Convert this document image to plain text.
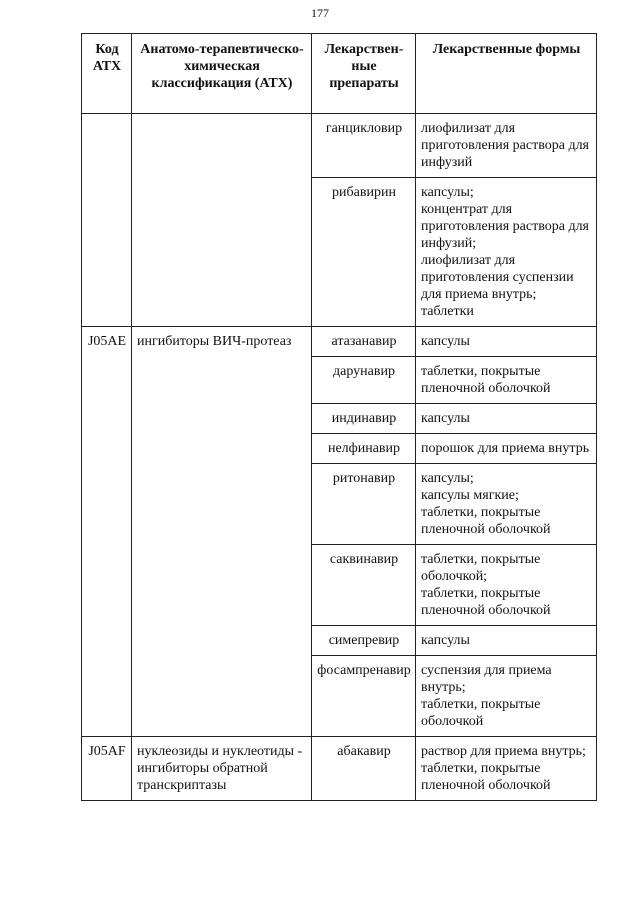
177
Код АТХ	Анатомо-терапевтическо-химическая классификация (АТХ)	Лекарствен-ные препараты	Лекарственные формы
		ганцикловир	лиофилизат для приготовления раствора для инфузий
		рибавирин	капсулы;
концентрат для приготовления раствора для инфузий;
лиофилизат для приготовления суспензии для приема внутрь;
таблетки
J05AE	ингибиторы ВИЧ-протеаз	атазанавир	капсулы
		дарунавир	таблетки, покрытые пленочной оболочкой
		индинавир	капсулы
		нелфинавир	порошок для приема внутрь
		ритонавир	капсулы;
капсулы мягкие;
таблетки, покрытые пленочной оболочкой
		саквинавир	таблетки, покрытые оболочкой;
таблетки, покрытые пленочной оболочкой
		симепревир	капсулы
		фосампренавир	суспензия для приема внутрь;
таблетки, покрытые оболочкой
J05AF	нуклеозиды и нуклеотиды - ингибиторы обратной транскриптазы	абакавир	раствор для приема внутрь;
таблетки, покрытые пленочной оболочкой
